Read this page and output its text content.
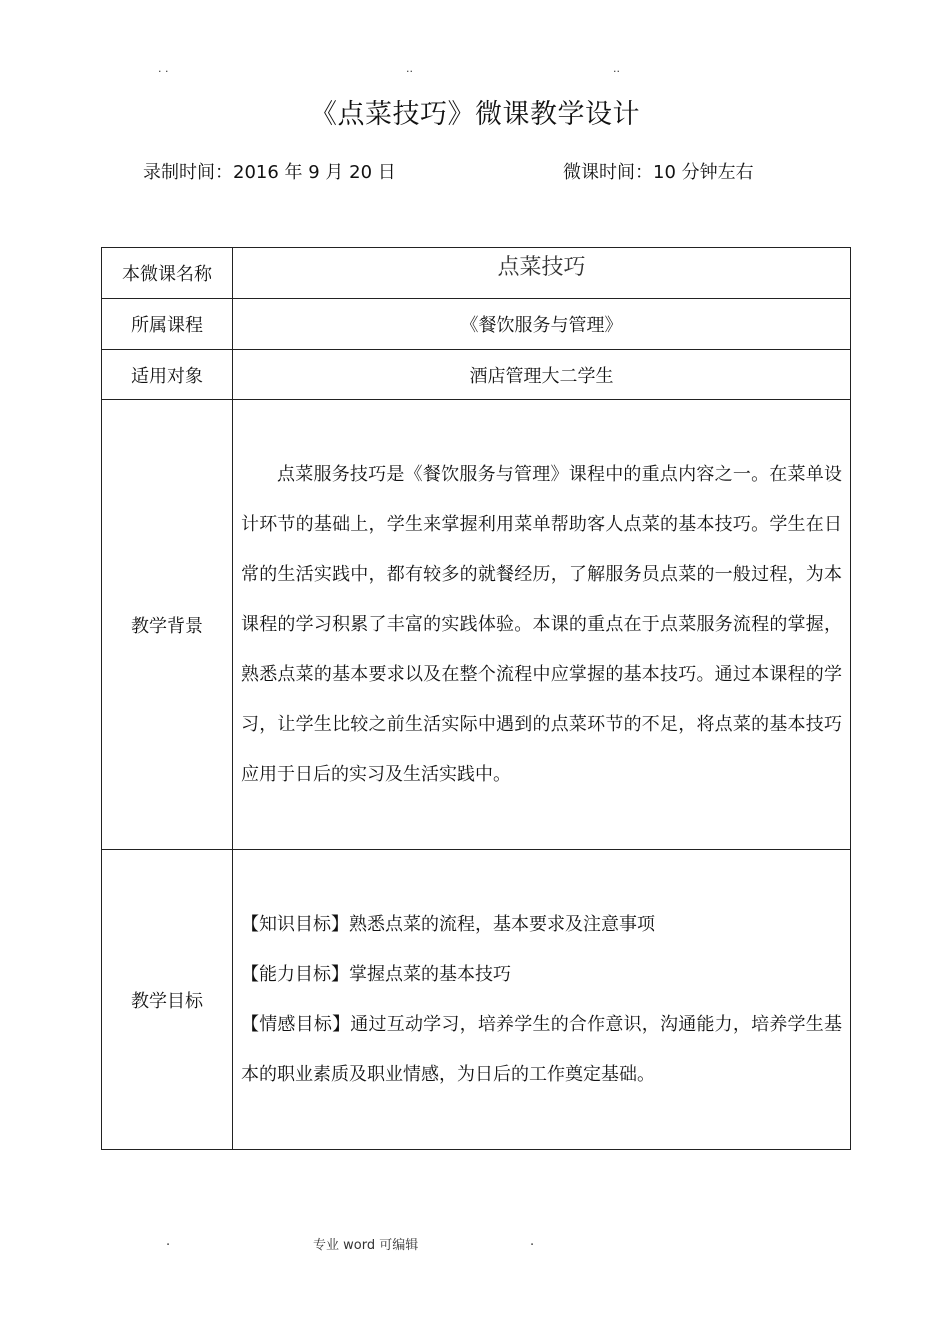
. .	..	..
《点菜技巧》微课教学设计
录制时间：2016 年 9 月 20 日	微课时间：10 分钟左右
本微课名称	点菜技巧
所属课程	《餐饮服务与管理》
适用对象	酒店管理大二学生
教学背景	点菜服务技巧是《餐饮服务与管理》课程中的重点内容之一。在菜单设计环节的基础上，学生来掌握利用菜单帮助客人点菜的基本技巧。学生在日常的生活实践中，都有较多的就餐经历，了解服务员点菜的一般过程，为本课程的学习积累了丰富的实践体验。本课的重点在于点菜服务流程的掌握，熟悉点菜的基本要求以及在整个流程中应掌握的基本技巧。通过本课程的学习，让学生比较之前生活实际中遇到的点菜环节的不足，将点菜的基本技巧应用于日后的实习及生活实践中。

教学目标	【知识目标】熟悉点菜的流程，基本要求及注意事项

【能力目标】掌握点菜的基本技巧

【情感目标】通过互动学习，培养学生的合作意识，沟通能力，培养学生基本的职业素质及职业情感，为日后的工作奠定基础。

.	专业 word 可编辑	.
